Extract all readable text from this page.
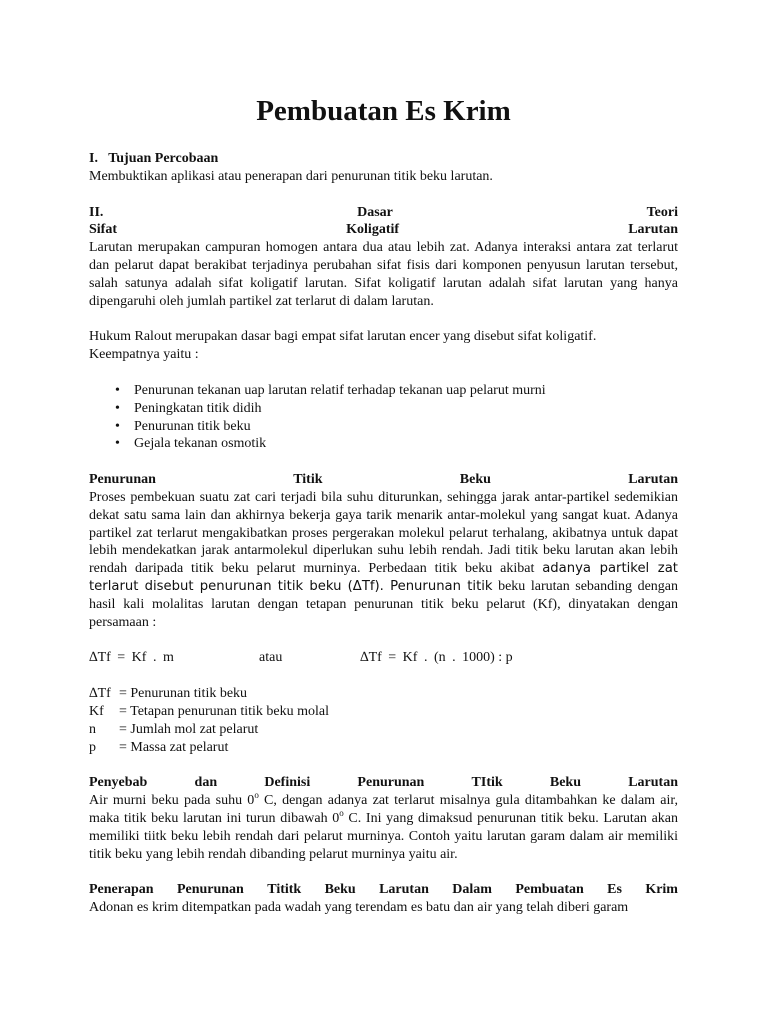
Pembuatan Es Krim

I.   Tujuan Percobaan

Membuktikan aplikasi atau penerapan dari penurunan titik beku larutan.

II.	Dasar	Teori
Sifat	Koligatif	Larutan

Larutan merupakan campuran homogen antara dua atau lebih zat. Adanya interaksi antara zat terlarut dan pelarut dapat berakibat terjadinya perubahan sifat fisis dari komponen penyusun larutan tersebut, salah satunya adalah sifat koligatif larutan. Sifat koligatif larutan adalah sifat larutan yang hanya dipengaruhi oleh jumlah partikel zat terlarut di dalam larutan.

Hukum Ralout merupakan dasar bagi empat sifat larutan encer yang disebut sifat koligatif.

Keempatnya yaitu :

• Penurunan tekanan uap larutan relatif terhadap tekanan uap pelarut murni
• Peningkatan titik didih
• Penurunan titik beku
• Gejala tekanan osmotik
Penurunan	Titik	Beku	Larutan

Proses pembekuan suatu zat cari terjadi bila suhu diturunkan, sehingga jarak antar-partikel sedemikian dekat satu sama lain dan akhirnya bekerja gaya tarik menarik antar-molekul yang sangat kuat. Adanya partikel zat terlarut mengakibatkan proses pergerakan molekul pelarut terhalang, akibatnya untuk dapat lebih mendekatkan jarak antarmolekul diperlukan suhu lebih rendah. Jadi titik beku larutan akan lebih rendah daripada titik beku pelarut murninya. Perbedaan titik beku akibat adanya partikel zat terlarut disebut penurunan titik beku (ΔTf). Penurunan titik beku larutan sebanding dengan hasil kali molalitas larutan dengan tetapan penurunan titik beku pelarut (Kf), dinyatakan dengan persamaan :

∆Tf = Kf . m	atau	∆Tf = Kf . (n . 1000) : p
∆Tf = Penurunan titik beku
Kf	= Tetapan penurunan titik beku molal
n	= Jumlah mol zat pelarut
p	= Massa zat pelarut
Penyebab	dan	Definisi	Penurunan	TItik	Beku	Larutan

Air murni beku pada suhu 0$^o$ C, dengan adanya zat terlarut misalnya gula ditambahkan ke dalam air, maka titik beku larutan ini turun dibawah 0$^o$ C. Ini yang dimaksud penurunan titik beku. Larutan akan memiliki tiitk beku lebih rendah dari pelarut murninya. Contoh yaitu larutan garam dalam air memiliki titik beku yang lebih rendah dibanding pelarut murninya yaitu air.

Penerapan Penurunan Tititk Beku Larutan Dalam Pembuatan Es Krim

Adonan es krim ditempatkan pada wadah yang terendam es batu dan air yang telah diberi garam
